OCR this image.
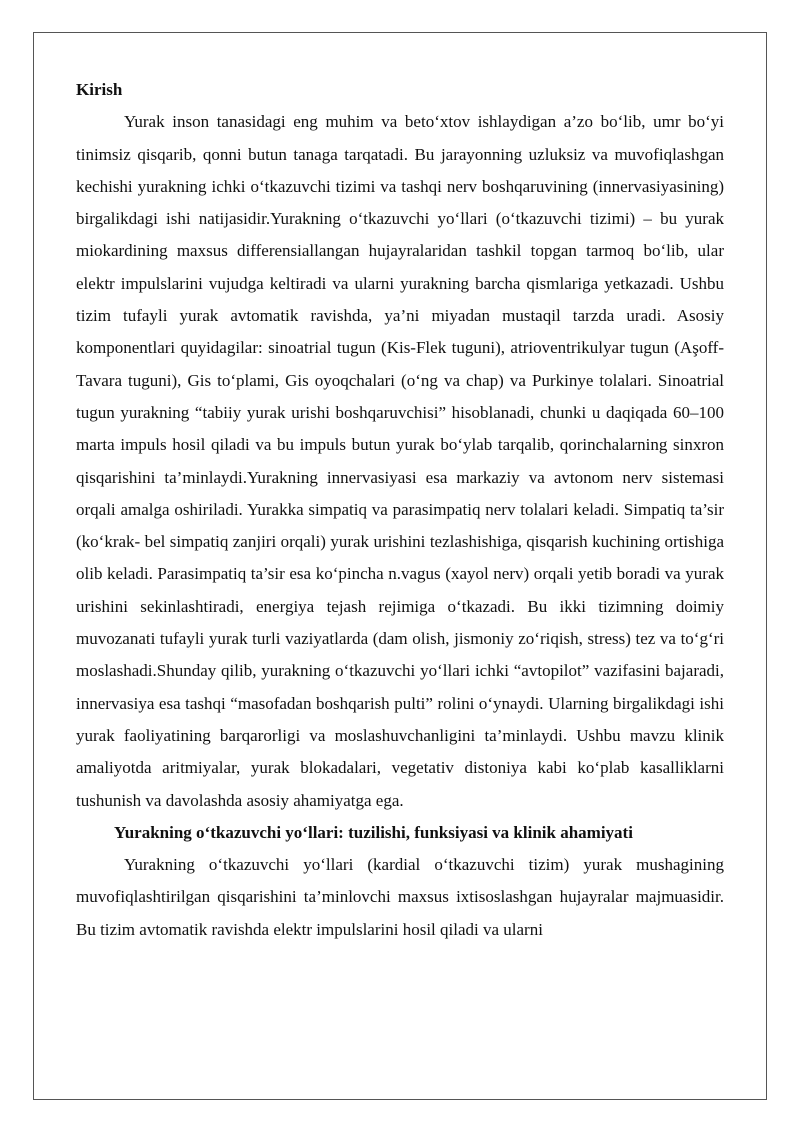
Kirish

Yurak inson tanasidagi eng muhim va beto‘xtov ishlaydigan a’zo bo‘lib, umr bo‘yi tinimsiz qisqarib, qonni butun tanaga tarqatadi. Bu jarayonning uzluksiz va muvofiqlashgan kechishi yurakning ichki o‘tkazuvchi tizimi va tashqi nerv boshqaruvining (innervasiyasining) birgalikdagi ishi natijasidir.Yurakning o‘tkazuvchi yo‘llari (o‘tkazuvchi tizimi) – bu yurak miokardining maxsus differensiallangan hujayralaridan tashkil topgan tarmoq bo‘lib, ular elektr impulslarini vujudga keltiradi va ularni yurakning barcha qismlariga yetkazadi. Ushbu tizim tufayli yurak avtomatik ravishda, ya’ni miyadan mustaqil tarzda uradi. Asosiy komponentlari quyidagilar: sinoatrial tugun (Kis-Flek tuguni), atrioventrikulyar tugun (Aşoff-Tavara tuguni), Gis to‘plami, Gis oyoqchalari (o‘ng va chap) va Purkinye tolalari. Sinoatrial tugun yurakning “tabiiy yurak urishi boshqaruvchisi” hisoblanadi, chunki u daqiqada 60–100 marta impuls hosil qiladi va bu impuls butun yurak bo‘ylab tarqalib, qorinchalarning sinxron qisqarishini ta’minlaydi.Yurakning innervasiyasi esa markaziy va avtonom nerv sistemasi orqali amalga oshiriladi. Yurakka simpatiq va parasimpatiq nerv tolalari keladi. Simpatiq ta’sir (ko‘krak- bel simpatiq zanjiri orqali) yurak urishini tezlashishiga, qisqarish kuchining ortishiga olib keladi. Parasimpatiq ta’sir esa ko‘pincha n.vagus (xayol nerv) orqali yetib boradi va yurak urishini sekinlashtiradi, energiya tejash rejimiga o‘tkazadi. Bu ikki tizimning doimiy muvozanati tufayli yurak turli vaziyatlarda (dam olish, jismoniy zo‘riqish, stress) tez va to‘g‘ri moslashadi.Shunday qilib, yurakning o‘tkazuvchi yo‘llari ichki “avtopilot” vazifasini bajaradi, innervasiya esa tashqi “masofadan boshqarish pulti” rolini o‘ynaydi. Ularning birgalikdagi ishi yurak faoliyatining barqarorligi va moslashuvchanligini ta’minlaydi. Ushbu mavzu klinik amaliyotda aritmiyalar, yurak blokadalari, vegetativ distoniya kabi ko‘plab kasalliklarni tushunish va davolashda asosiy ahamiyatga ega.

Yurakning o‘tkazuvchi yo‘llari: tuzilishi, funksiyasi va klinik ahamiyati

Yurakning o‘tkazuvchi yo‘llari (kardial o‘tkazuvchi tizim) yurak mushagining muvofiqlashtirilgan qisqarishini ta’minlovchi maxsus ixtisoslashgan hujayralar majmuasidir. Bu tizim avtomatik ravishda elektr impulslarini hosil qiladi va ularni
